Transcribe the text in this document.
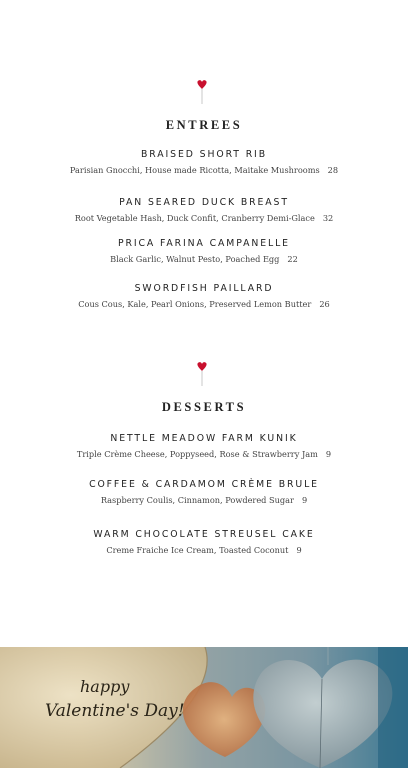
ENTREES
BRAISED SHORT RIB
Parisian Gnocchi, House made Ricotta, Maitake Mushrooms 28
PAN SEARED DUCK BREAST
Root Vegetable Hash, Duck Confit, Cranberry Demi-Glace 32
PRICA FARINA CAMPANELLE
Black Garlic, Walnut Pesto, Poached Egg 22
SWORDFISH PAILLARD
Cous Cous, Kale, Pearl Onions, Preserved Lemon Butter 26
DESSERTS
NETTLE MEADOW FARM KUNIK
Triple Crème Cheese, Poppyseed, Rose & Strawberry Jam 9
COFFEE & CARDAMOM CRÈME BRULE
Raspberry Coulis, Cinnamon, Powdered Sugar 9
WARM CHOCOLATE STREUSEL CAKE
Creme Fraiche Ice Cream, Toasted Coconut 9
happy
Valentine's Day!
